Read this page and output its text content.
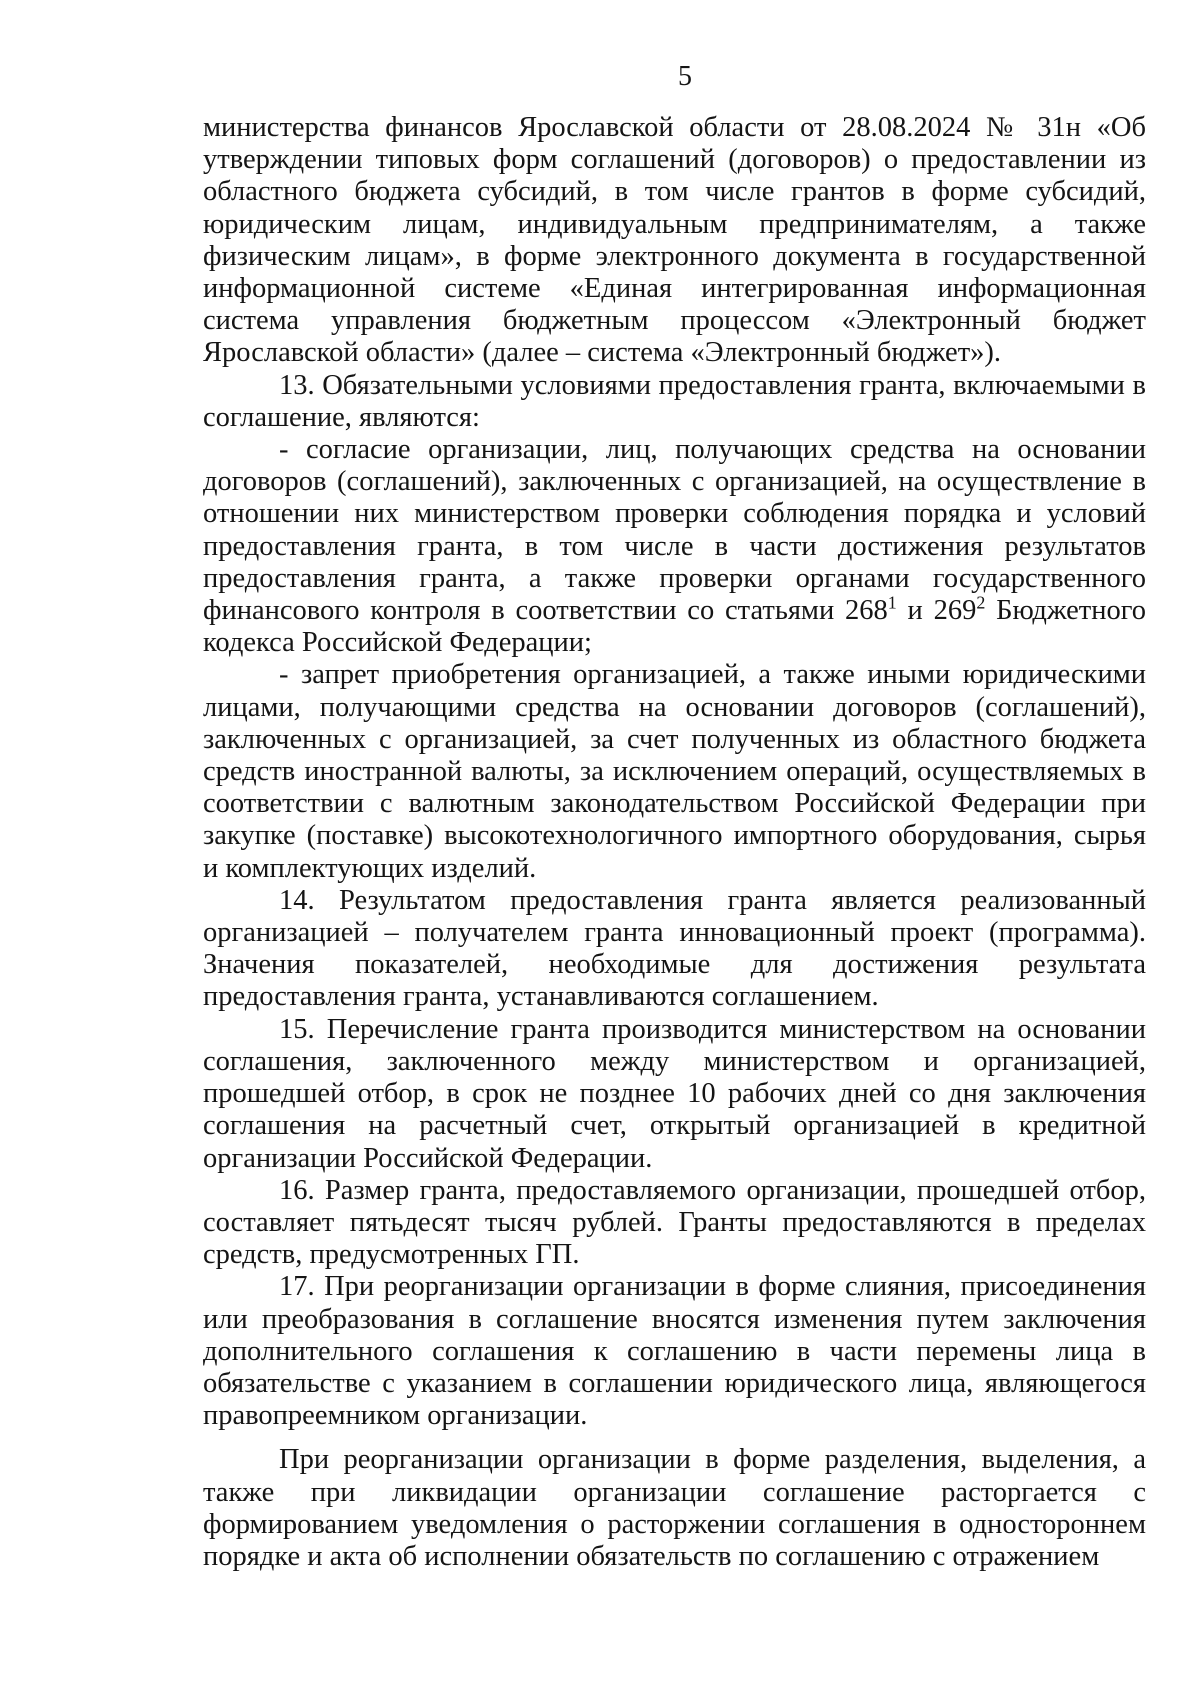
5

министерства финансов Ярославской области от 28.08.2024 № 31н «Об утверждении типовых форм соглашений (договоров) о предоставлении из областного бюджета субсидий, в том числе грантов в форме субсидий, юридическим лицам, индивидуальным предпринимателям, а также физическим лицам», в форме электронного документа в государственной информационной системе «Единая интегрированная информационная система управления бюджетным процессом «Электронный бюджет Ярославской области» (далее – система «Электронный бюджет»).

13. Обязательными условиями предоставления гранта, включаемыми в соглашение, являются:

- согласие организации, лиц, получающих средства на основании договоров (соглашений), заключенных с организацией, на осуществление в отношении них министерством проверки соблюдения порядка и условий предоставления гранта, в том числе в части достижения результатов предоставления гранта, а также проверки органами государственного финансового контроля в соответствии со статьями $268^1$ и $269^2$ Бюджетного кодекса Российской Федерации;

- запрет приобретения организацией, а также иными юридическими лицами, получающими средства на основании договоров (соглашений), заключенных с организацией, за счет полученных из областного бюджета средств иностранной валюты, за исключением операций, осуществляемых в соответствии с валютным законодательством Российской Федерации при закупке (поставке) высокотехнологичного импортного оборудования, сырья и комплектующих изделий.

14. Результатом предоставления гранта является реализованный организацией – получателем гранта инновационный проект (программа). Значения показателей, необходимые для достижения результата предоставления гранта, устанавливаются соглашением.

15. Перечисление гранта производится министерством на основании соглашения, заключенного между министерством и организацией, прошедшей отбор, в срок не позднее 10 рабочих дней со дня заключения соглашения на расчетный счет, открытый организацией в кредитной организации Российской Федерации.

16. Размер гранта, предоставляемого организации, прошедшей отбор, составляет пятьдесят тысяч рублей. Гранты предоставляются в пределах средств, предусмотренных ГП.

17. При реорганизации организации в форме слияния, присоединения или преобразования в соглашение вносятся изменения путем заключения дополнительного соглашения к соглашению в части перемены лица в обязательстве с указанием в соглашении юридического лица, являющегося правопреемником организации.

При реорганизации организации в форме разделения, выделения, а также при ликвидации организации соглашение расторгается с формированием уведомления о расторжении соглашения в одностороннем порядке и акта об исполнении обязательств по соглашению с отражением
